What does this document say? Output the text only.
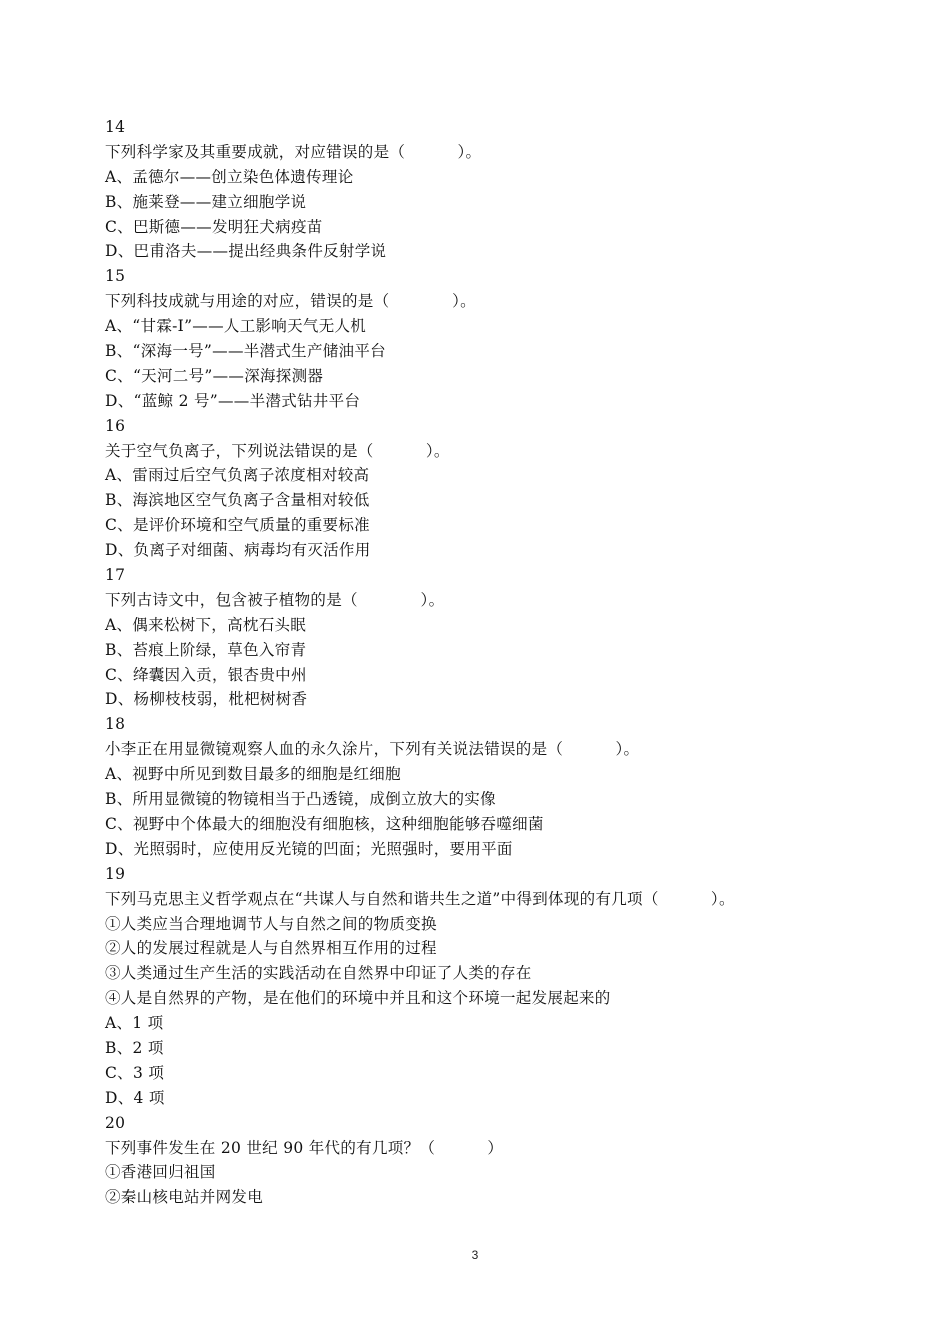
14
下列科学家及其重要成就，对应错误的是（          ）。
A、孟德尔——创立染色体遗传理论
B、施莱登——建立细胞学说
C、巴斯德——发明狂犬病疫苗
D、巴甫洛夫——提出经典条件反射学说
15
下列科技成就与用途的对应，错误的是（            ）。
A、“甘霖-Ⅰ”——人工影响天气无人机
B、“深海一号”——半潜式生产储油平台
C、“天河二号”——深海探测器
D、“蓝鲸 2 号”——半潜式钻井平台
16
关于空气负离子，下列说法错误的是（          ）。
A、雷雨过后空气负离子浓度相对较高
B、海滨地区空气负离子含量相对较低
C、是评价环境和空气质量的重要标准
D、负离子对细菌、病毒均有灭活作用
17
下列古诗文中，包含被子植物的是（            ）。
A、偶来松树下，高枕石头眠
B、苔痕上阶绿，草色入帘青
C、绛囊因入贡，银杏贵中州
D、杨柳枝枝弱，枇杷树树香
18
小李正在用显微镜观察人血的永久涂片，下列有关说法错误的是（          ）。
A、视野中所见到数目最多的细胞是红细胞
B、所用显微镜的物镜相当于凸透镜，成倒立放大的实像
C、视野中个体最大的细胞没有细胞核，这种细胞能够吞噬细菌
D、光照弱时，应使用反光镜的凹面；光照强时，要用平面
19
下列马克思主义哲学观点在“共谋人与自然和谐共生之道”中得到体现的有几项（          ）。
①人类应当合理地调节人与自然之间的物质变换
②人的发展过程就是人与自然界相互作用的过程
③人类通过生产生活的实践活动在自然界中印证了人类的存在
④人是自然界的产物，是在他们的环境中并且和这个环境一起发展起来的
A、1 项
B、2 项
C、3 项
D、4 项
20
下列事件发生在 20 世纪 90 年代的有几项？（          ）
①香港回归祖国
②秦山核电站并网发电
3
